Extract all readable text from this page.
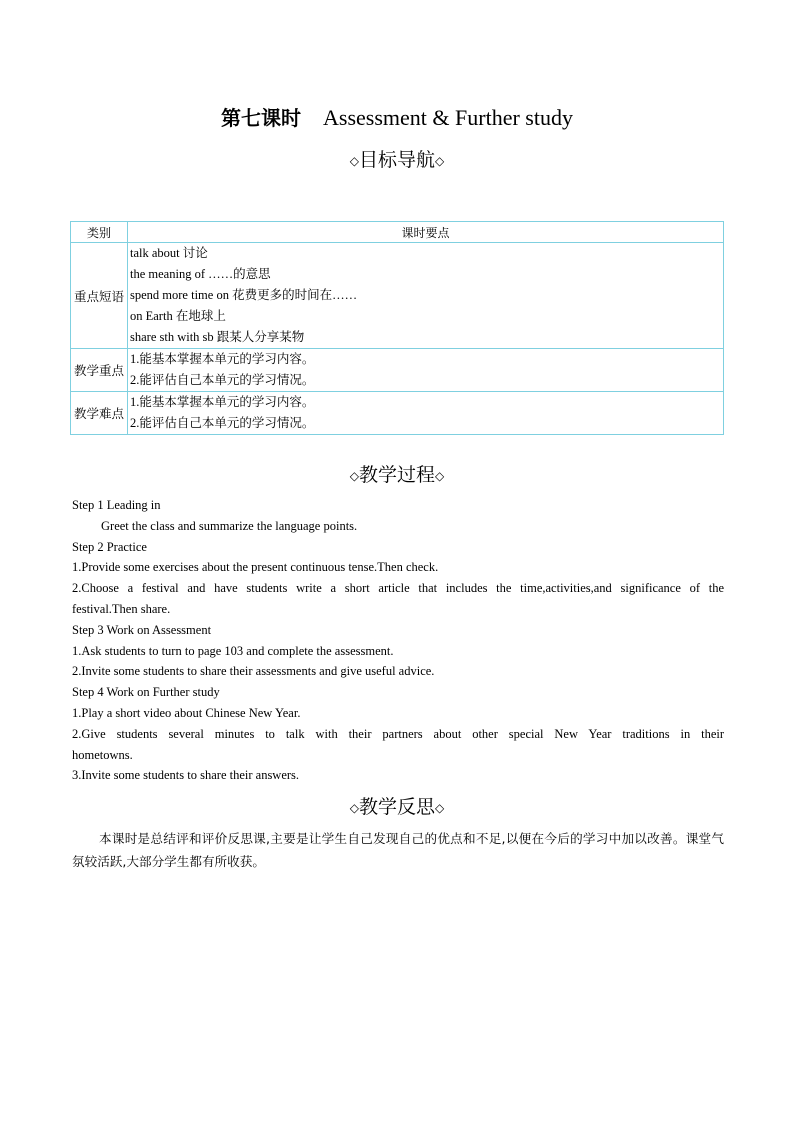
第七课时 Assessment & Further study
◇目标导航◇
类别	课时要点
重点短语	talk about 讨论
the meaning of ……的意思
spend more time on 花费更多的时间在……
on Earth 在地球上
share sth with sb 跟某人分享某物

教学重点	1.能基本掌握本单元的学习内容。
2.能评估自己本单元的学习情况。

教学难点	1.能基本掌握本单元的学习内容。
2.能评估自己本单元的学习情况。
◇教学过程◇
Step 1 Leading in
Greet the class and summarize the language points.
Step 2 Practice
1.Provide some exercises about the present continuous tense.Then check.
2.Choose a festival and have students write a short article that includes the time,activities,and significance of the
festival.Then share.
Step 3 Work on Assessment
1.Ask students to turn to page 103 and complete the assessment.
2.Invite some students to share their assessments and give useful advice.
Step 4 Work on Further study
1.Play a short video about Chinese New Year.
2.Give students several minutes to talk with their partners about other special New Year traditions in their
hometowns.
3.Invite some students to share their answers.
◇教学反思◇
本课时是总结评和评价反思课,主要是让学生自己发现自己的优点和不足,以便在今后的学习中加以改善。课堂气氛较活跃,大部分学生都有所收获。
